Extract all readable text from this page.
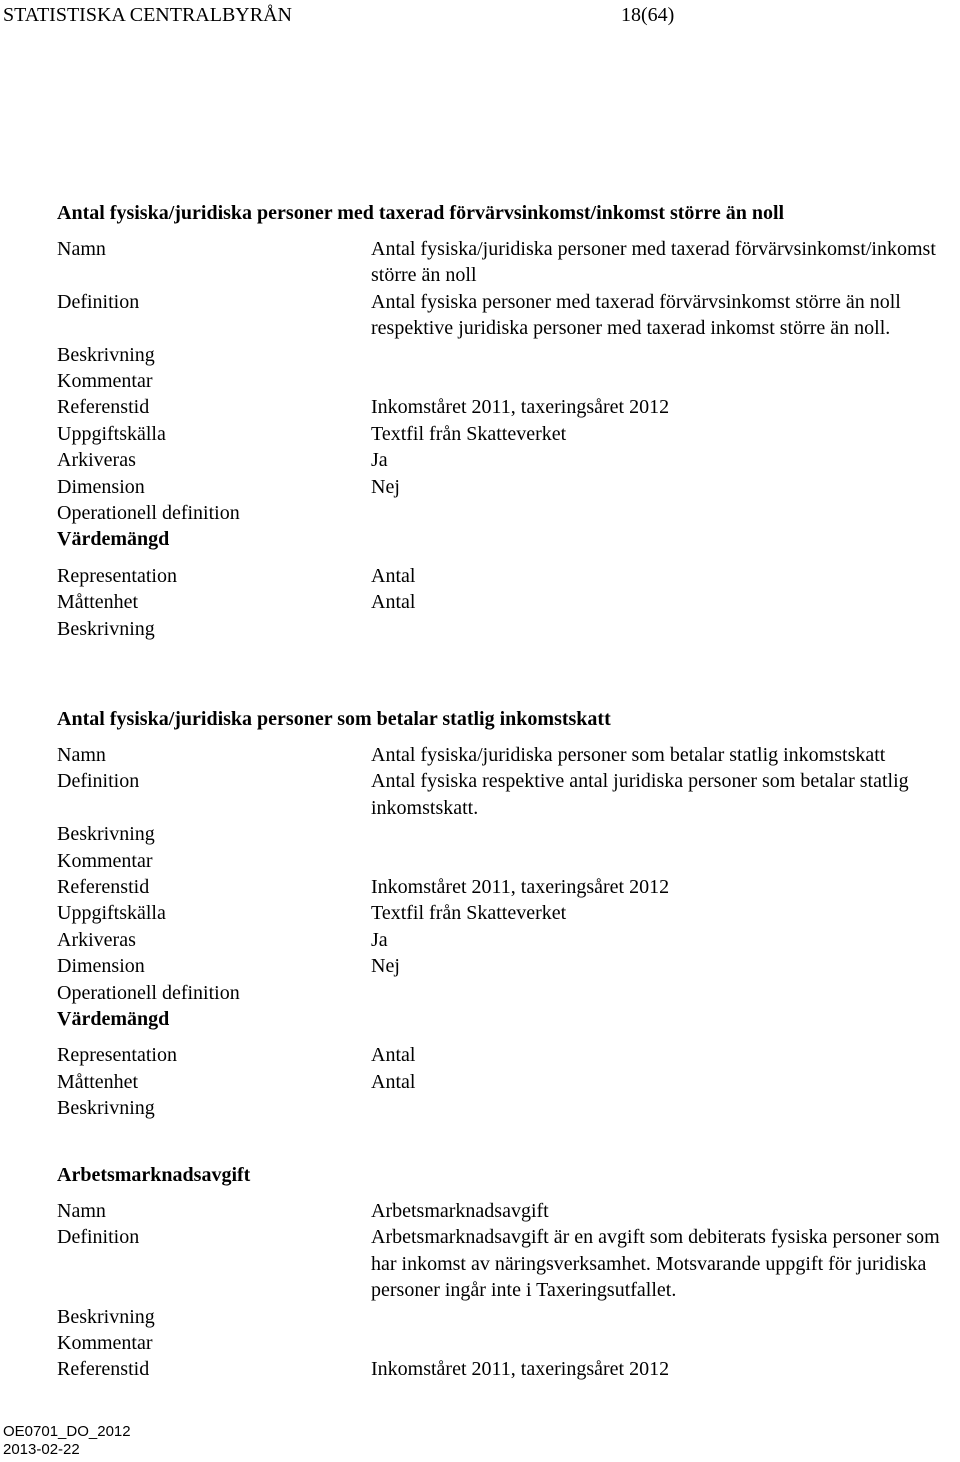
STATISTISKA CENTRALBYRÅN	18(64)
Antal fysiska/juridiska personer med taxerad förvärvsinkomst/inkomst större än noll
Namn	Antal fysiska/juridiska personer med taxerad förvärvsinkomst/inkomst större än noll
Definition	Antal fysiska personer med taxerad förvärvsinkomst större än noll respektive juridiska personer med taxerad inkomst större än noll.
Beskrivning
Kommentar
Referenstid	Inkomståret 2011, taxeringsåret 2012
Uppgiftskälla	Textfil från Skatteverket
Arkiveras	Ja
Dimension	Nej
Operationell definition
Värdemängd
Representation	Antal
Måttenhet	Antal
Beskrivning
Antal fysiska/juridiska personer som betalar statlig inkomstskatt
Namn	Antal fysiska/juridiska personer som betalar statlig inkomstskatt
Definition	Antal fysiska respektive antal juridiska personer som betalar statlig inkomstskatt.
Beskrivning
Kommentar
Referenstid	Inkomståret 2011, taxeringsåret 2012
Uppgiftskälla	Textfil från Skatteverket
Arkiveras	Ja
Dimension	Nej
Operationell definition
Värdemängd
Representation	Antal
Måttenhet	Antal
Beskrivning
Arbetsmarknadsavgift
Namn	Arbetsmarknadsavgift
Definition	Arbetsmarknadsavgift är en avgift som debiterats fysiska personer som har inkomst av näringsverksamhet. Motsvarande uppgift för juridiska personer ingår inte i Taxeringsutfallet.
Beskrivning
Kommentar
Referenstid	Inkomståret 2011, taxeringsåret 2012
OE0701_DO_2012
2013-02-22
